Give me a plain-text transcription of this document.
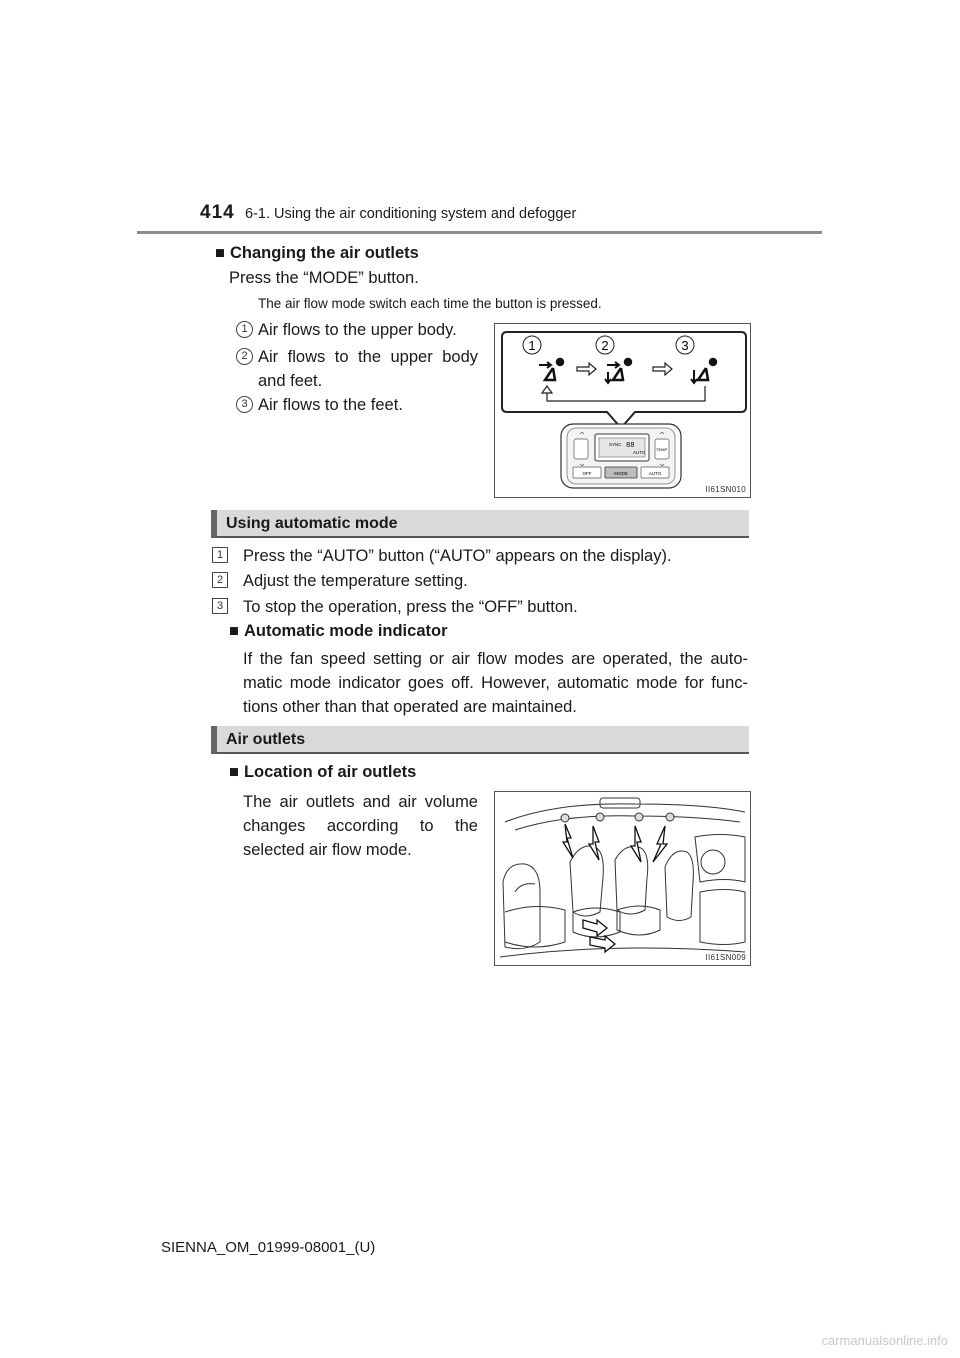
414 6-1. Using the air conditioning system and defogger
■ Changing the air outlets
Press the “MODE” button.
The air flow mode switch each time the button is pressed.
1 Air flows to the upper body.
2 Air flows to the upper body
and feet.
3 Air flows to the feet.
1	2	3
SYNC
AUTO
88	TEMP
OFF	MODE	AUTO
II61SN010
Using automatic mode
1 Press the “AUTO” button (“AUTO” appears on the display).
2 Adjust the temperature setting.
3 To stop the operation, press the “OFF” button.
■ Automatic mode indicator
If the fan speed setting or air flow modes are operated, the auto-
matic mode indicator goes off. However, automatic mode for func-
tions other than that operated are maintained.
Air outlets
■ Location of air outlets
The air outlets and air volume
changes according to the
selected air flow mode.
II61SN009
SIENNA_OM_01999-08001_(U)
carmanualsonline.info
